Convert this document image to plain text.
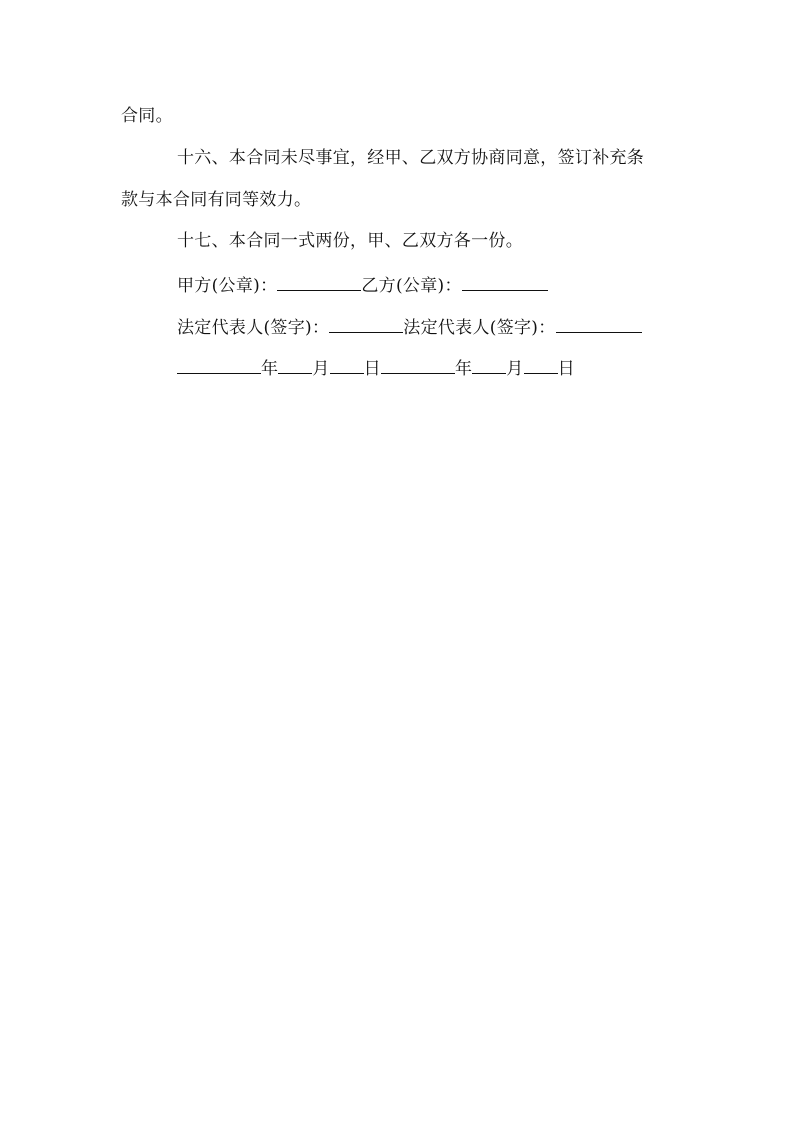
合同。

十六、本合同未尽事宜，经甲、乙双方协商同意，签订补充条

款与本合同有同等效力。

十七、本合同一式两份，甲、乙双方各一份。

甲方(公章)：	乙方(公章)：

法定代表人(签字)：	法定代表人(签字)：

年 月 日	年 月 日
